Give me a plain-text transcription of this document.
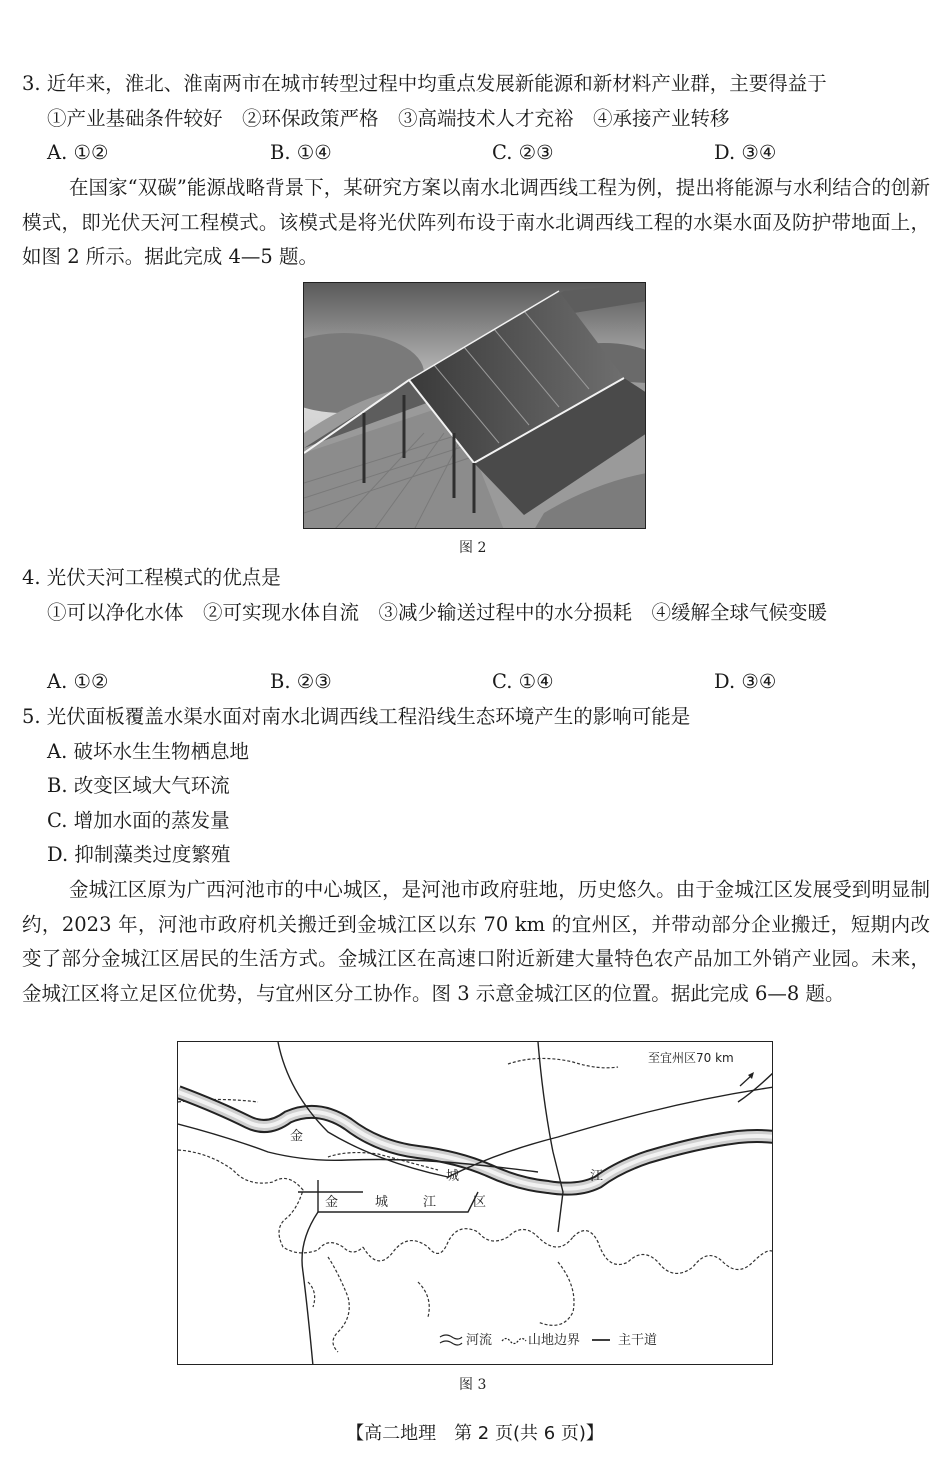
3. 近年来，淮北、淮南两市在城市转型过程中均重点发展新能源和新材料产业群，主要得益于
①产业基础条件较好　②环保政策严格　③高端技术人才充裕　④承接产业转移
A. ①②	B. ①④	C. ②③	D. ③④
在国家“双碳”能源战略背景下，某研究方案以南水北调西线工程为例，提出将能源与水利结合的创新模式，即光伏天河工程模式。该模式是将光伏阵列布设于南水北调西线工程的水渠水面及防护带地面上，如图 2 所示。据此完成 4—5 题。
图 2
4. 光伏天河工程模式的优点是
①可以净化水体　②可实现水体自流　③减少输送过程中的水分损耗　④缓解全球气候变暖
A. ①②	B. ②③	C. ①④	D. ③④
5. 光伏面板覆盖水渠水面对南水北调西线工程沿线生态环境产生的影响可能是
A. 破坏水生生物栖息地
B. 改变区域大气环流
C. 增加水面的蒸发量
D. 抑制藻类过度繁殖
金城江区原为广西河池市的中心城区，是河池市政府驻地，历史悠久。由于金城江区发展受到明显制约，2023 年，河池市政府机关搬迁到金城江区以东 70 km 的宜州区，并带动部分企业搬迁，短期内改变了部分金城江区居民的生活方式。金城江区在高速口附近新建大量特色农产品加工外销产业园。未来，金城江区将立足区位优势，与宜州区分工协作。图 3 示意金城江区的位置。据此完成 6—8 题。
至宜州区70 km
金
城	江
金	城	江	区
河流	山地边界	主干道
图 3
【高二地理　第 2 页(共 6 页)】
